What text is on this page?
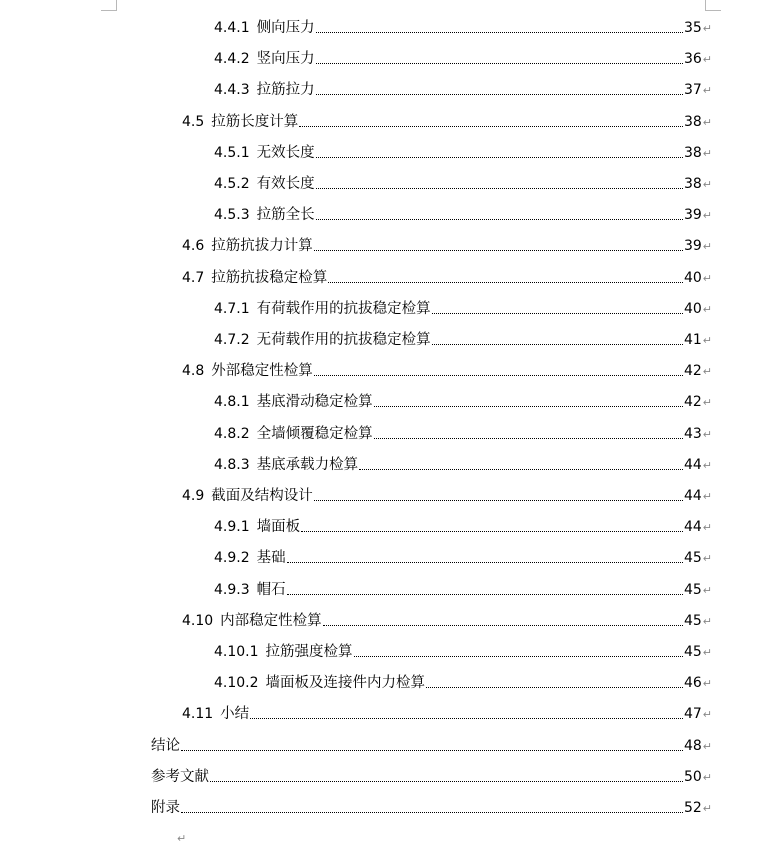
4.4.1 侧向压力	35 ↵
4.4.2 竖向压力	36 ↵
4.4.3 拉筋拉力	37 ↵
4.5 拉筋长度计算	38 ↵
4.5.1 无效长度	38 ↵
4.5.2 有效长度	38 ↵
4.5.3 拉筋全长	39 ↵
4.6 拉筋抗拔力计算	39 ↵
4.7 拉筋抗拔稳定检算	40 ↵
4.7.1 有荷载作用的抗拔稳定检算	40 ↵
4.7.2 无荷载作用的抗拔稳定检算	41 ↵
4.8 外部稳定性检算	42 ↵
4.8.1 基底滑动稳定检算	42 ↵
4.8.2 全墙倾覆稳定检算	43 ↵
4.8.3 基底承载力检算	44 ↵
4.9 截面及结构设计	44 ↵
4.9.1 墙面板	44 ↵
4.9.2 基础	45 ↵
4.9.3 帽石	45 ↵
4.10 内部稳定性检算	45 ↵
4.10.1 拉筋强度检算	45 ↵
4.10.2 墙面板及连接件内力检算	46 ↵
4.11 小结	47 ↵
结论	48 ↵
参考文献	50 ↵
附录	52 ↵
↵
